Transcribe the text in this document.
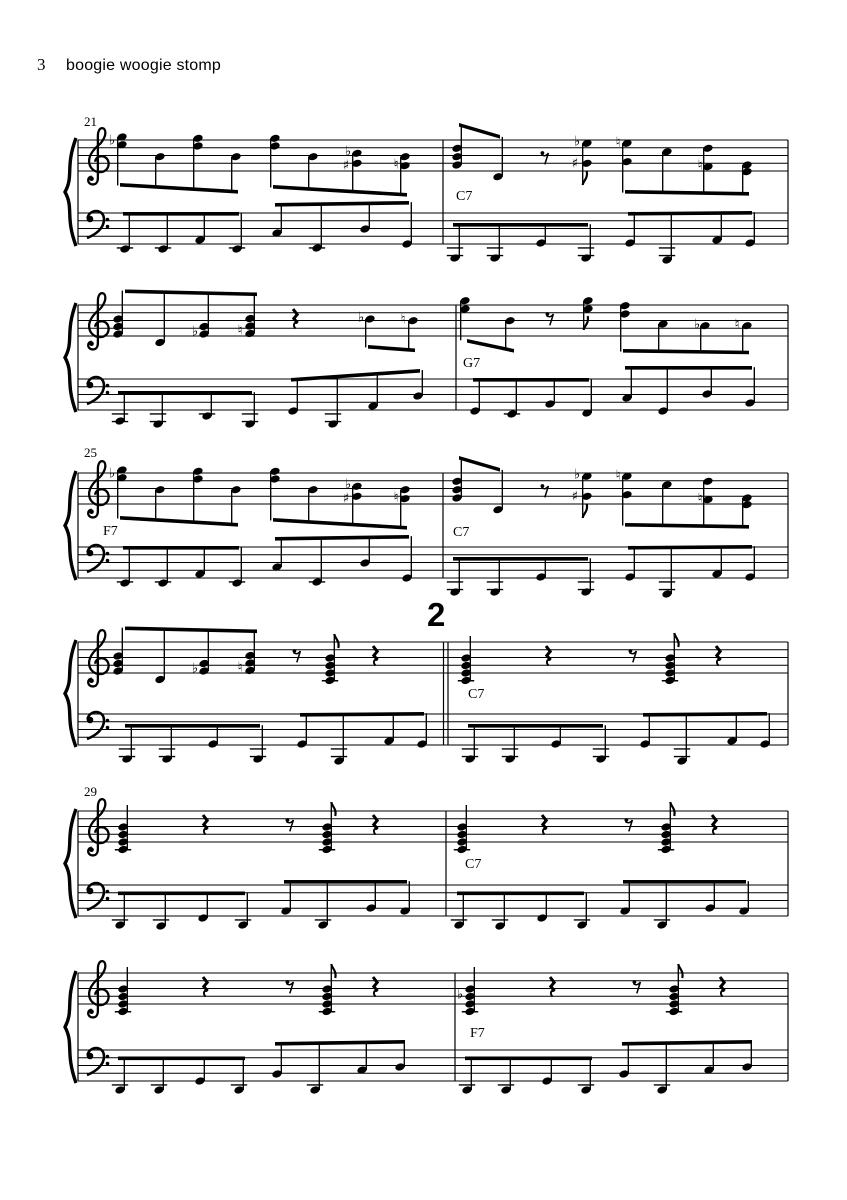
♭
♭
♯	♮
♭
♯
♮
♮
♭	♮
♭	♮	♭	♮
♭
♭
♯	♮
♭
♯
♮
♮
♭	♮
♭
3 boogie woogie stomp
21
25
29
2
C7
G7
F7	C7
C7
C7
F7
